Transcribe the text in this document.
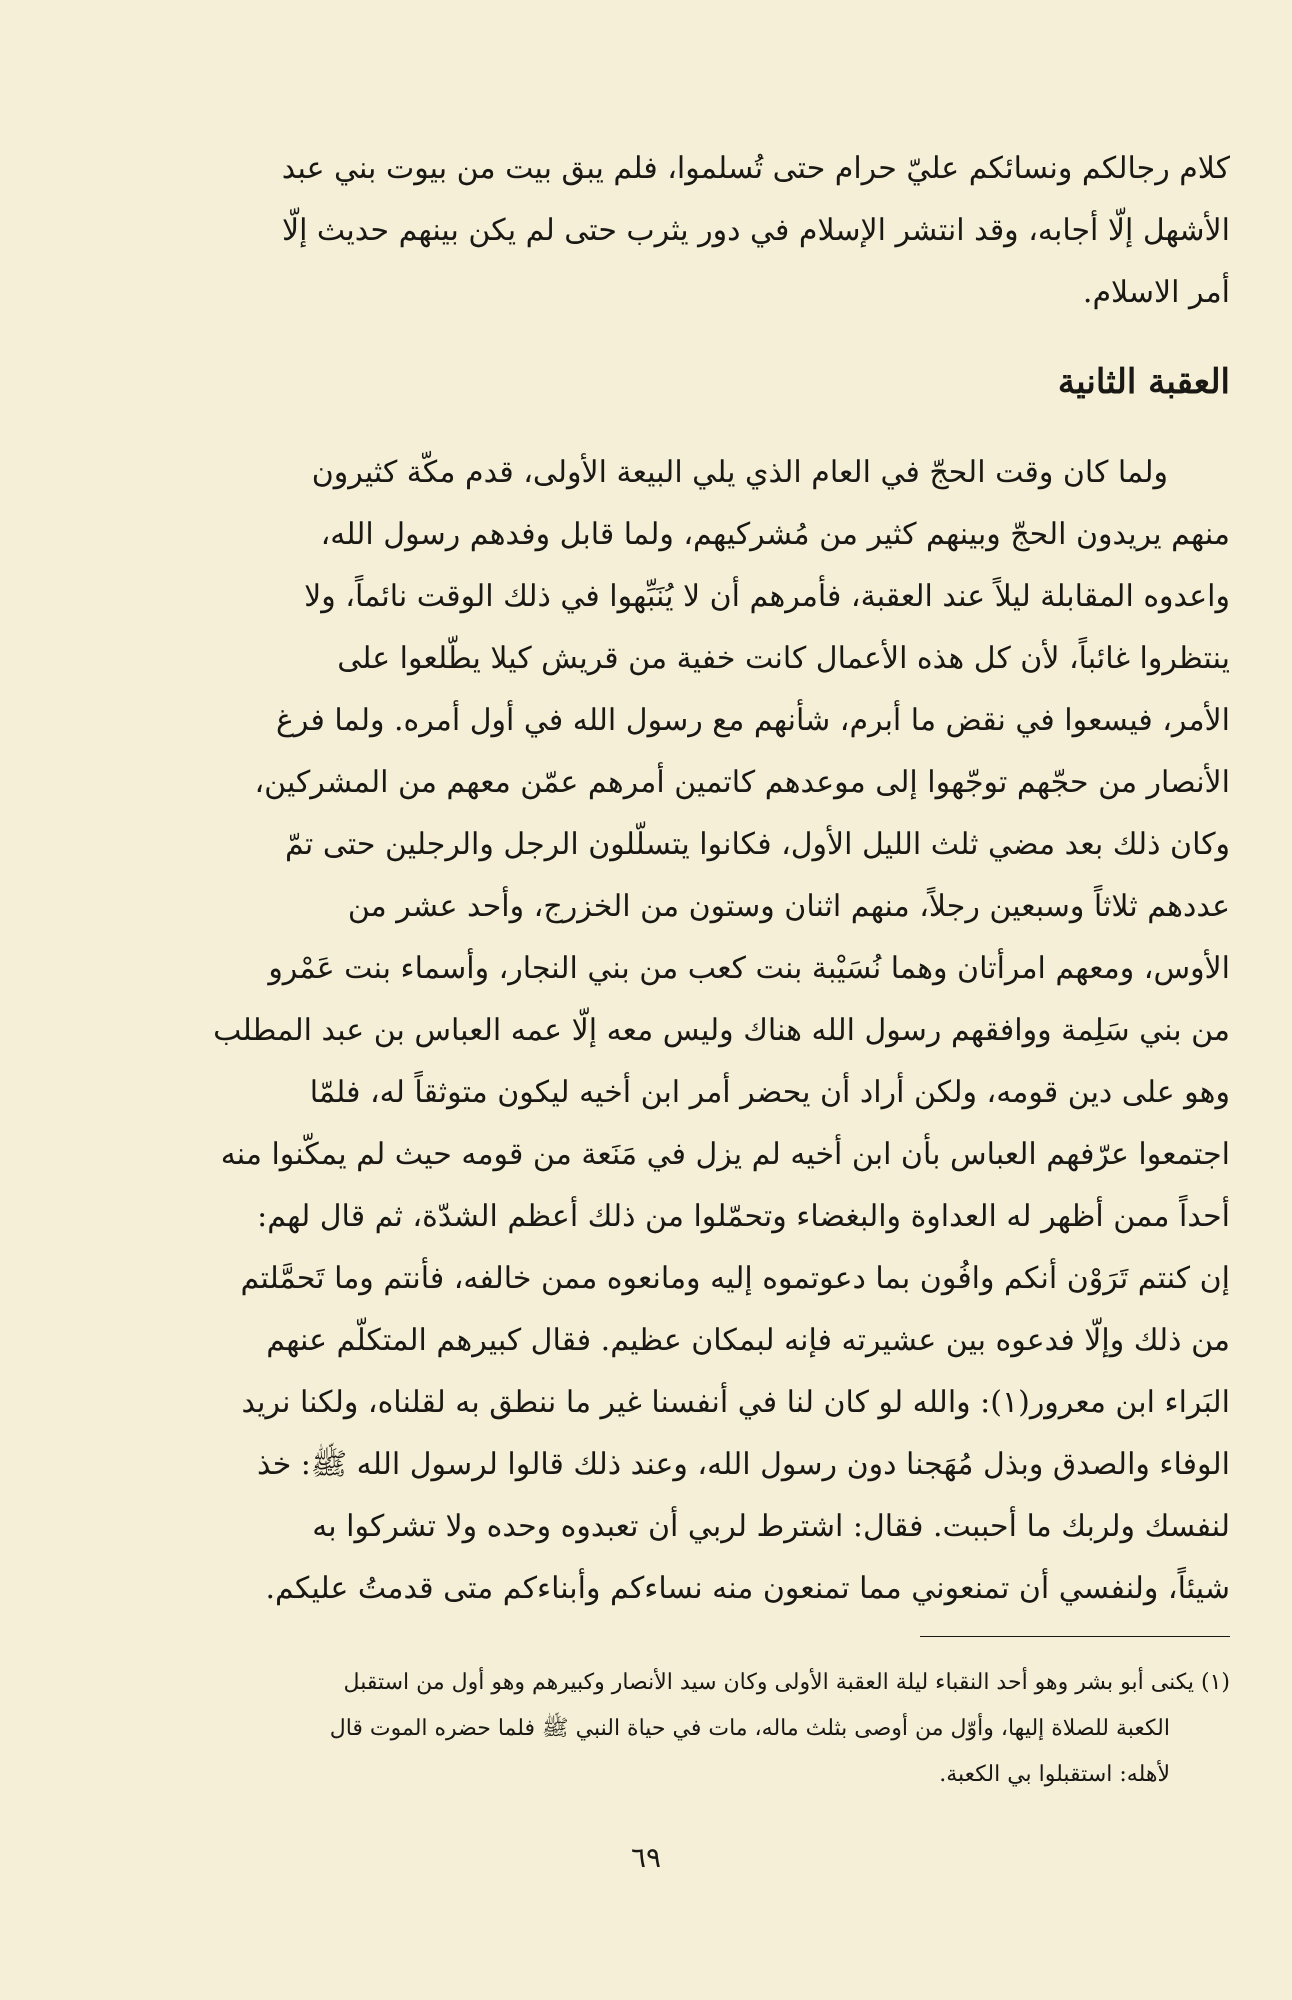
كلام رجالكم ونسائكم عليّ حرام حتى تُسلموا، فلم يبق بيت من بيوت بني عبد
الأشهل إلّا أجابه، وقد انتشر الإسلام في دور يثرب حتى لم يكن بينهم حديث إلّا
أمر الاسلام.
العقبة الثانية
ولما كان وقت الحجّ في العام الذي يلي البيعة الأولى، قدم مكّة كثيرون
منهم يريدون الحجّ وبينهم كثير من مُشركيهم، ولما قابل وفدهم رسول الله،
واعدوه المقابلة ليلاً عند العقبة، فأمرهم أن لا يُنَبِّهوا في ذلك الوقت نائماً، ولا
ينتظروا غائباً، لأن كل هذه الأعمال كانت خفية من قريش كيلا يطّلعوا على
الأمر، فيسعوا في نقض ما أبرم، شأنهم مع رسول الله في أول أمره. ولما فرغ
الأنصار من حجّهم توجّهوا إلى موعدهم كاتمين أمرهم عمّن معهم من المشركين،
وكان ذلك بعد مضي ثلث الليل الأول، فكانوا يتسلّلون الرجل والرجلين حتى تمّ
عددهم ثلاثاً وسبعين رجلاً، منهم اثنان وستون من الخزرج، وأحد عشر من
الأوس، ومعهم امرأتان وهما نُسَيْبة بنت كعب من بني النجار، وأسماء بنت عَمْرو
من بني سَلِمة ووافقهم رسول الله هناك وليس معه إلّا عمه العباس بن عبد المطلب
وهو على دين قومه، ولكن أراد أن يحضر أمر ابن أخيه ليكون متوثقاً له، فلمّا
اجتمعوا عرّفهم العباس بأن ابن أخيه لم يزل في مَنَعة من قومه حيث لم يمكّنوا منه
أحداً ممن أظهر له العداوة والبغضاء وتحمّلوا من ذلك أعظم الشدّة، ثم قال لهم:
إن كنتم تَرَوْن أنكم وافُون بما دعوتموه إليه ومانعوه ممن خالفه، فأنتم وما تَحمَّلتم
من ذلك وإلّا فدعوه بين عشيرته فإنه لبمكان عظيم. فقال كبيرهم المتكلّم عنهم
البَراء ابن معرور(١): والله لو كان لنا في أنفسنا غير ما ننطق به لقلناه، ولكنا نريد
الوفاء والصدق وبذل مُهَجنا دون رسول الله، وعند ذلك قالوا لرسول الله ﷺ: خذ
لنفسك ولربك ما أحببت. فقال: اشترط لربي أن تعبدوه وحده ولا تشركوا به
شيئاً، ولنفسي أن تمنعوني مما تمنعون منه نساءكم وأبناءكم متى قدمتُ عليكم.
(١) يكنى أبو بشر وهو أحد النقباء ليلة العقبة الأولى وكان سيد الأنصار وكبيرهم وهو أول من استقبل
الكعبة للصلاة إليها، وأوّل من أوصى بثلث ماله، مات في حياة النبي ﷺ فلما حضره الموت قال
لأهله: استقبلوا بي الكعبة.
٦٩
